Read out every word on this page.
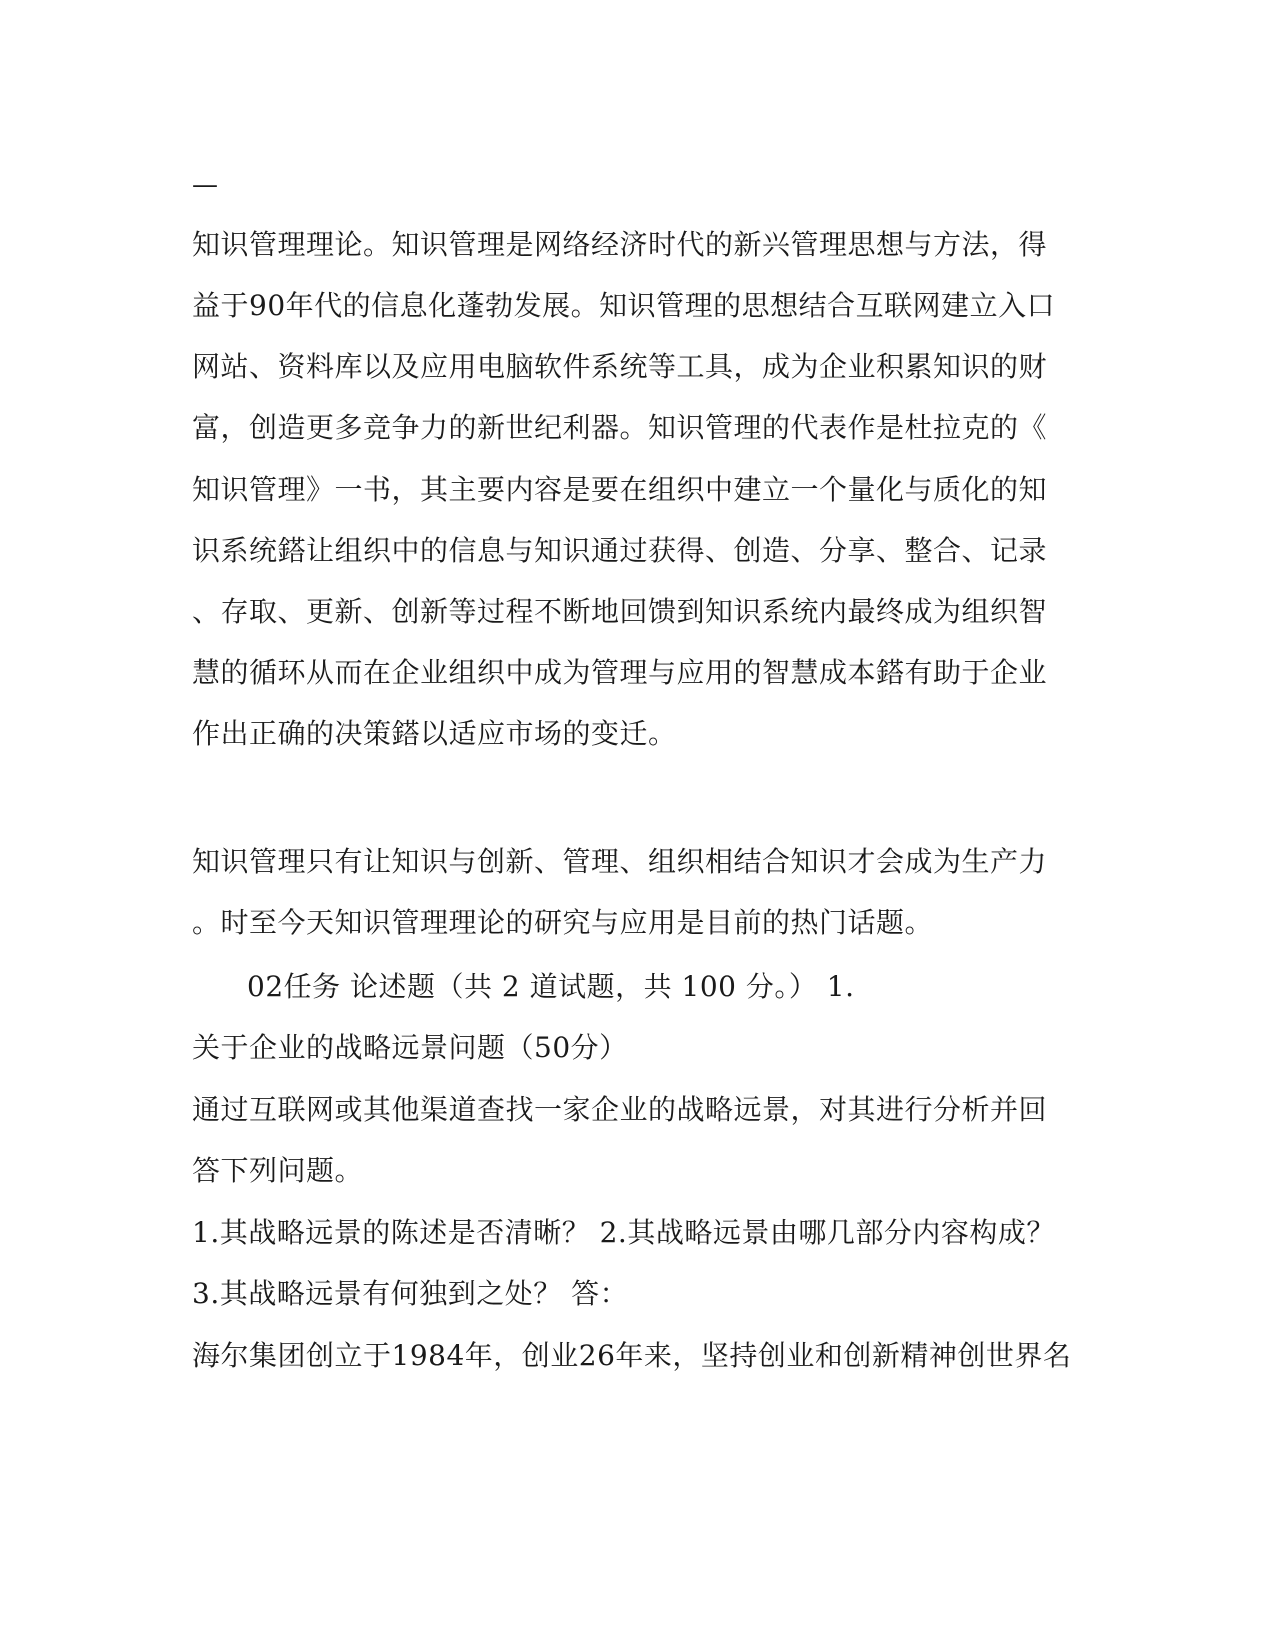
—
知识管理理论。知识管理是网络经济时代的新兴管理思想与方法，得
益于90年代的信息化蓬勃发展。知识管理的思想结合互联网建立入口
网站、资料库以及应用电脑软件系统等工具，成为企业积累知识的财
富，创造更多竞争力的新世纪利器。知识管理的代表作是杜拉克的《
知识管理》一书，其主要内容是要在组织中建立一个量化与质化的知
识系统鎝让组织中的信息与知识通过获得、创造、分享、整合、记录
、存取、更新、创新等过程不断地回馈到知识系统内最终成为组织智
慧的循环从而在企业组织中成为管理与应用的智慧成本鎝有助于企业
作出正确的决策鎝以适应市场的变迁。
知识管理只有让知识与创新、管理、组织相结合知识才会成为生产力
。时至今天知识管理理论的研究与应用是目前的热门话题。
02任务 论述题（共 2 道试题，共 100 分。） 1.
关于企业的战略远景问题（50分）
通过互联网或其他渠道查找一家企业的战略远景，对其进行分析并回
答下列问题。
1.其战略远景的陈述是否清晰？ 2.其战略远景由哪几部分内容构成？
3.其战略远景有何独到之处？ 答：
海尔集团创立于1984年，创业26年来，坚持创业和创新精神创世界名
